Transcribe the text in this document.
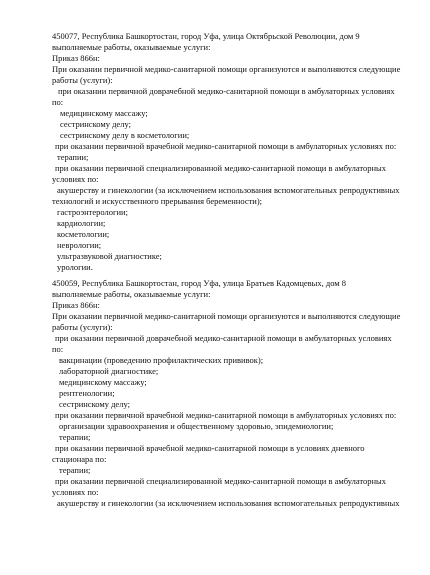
450077, Республика Башкортостан, город Уфа, улица Октябрьской Революции, дом 9
выполняемые работы, оказываемые услуги:
Приказ 866н:
При оказании первичной медико-санитарной помощи организуются и выполняются следующие
работы (услуги):
при оказании первичной доврачебной медико-санитарной помощи в амбулаторных условиях
по:
медицинскому массажу;
сестринскому делу;
сестринскому делу в косметологии;
при оказании первичной врачебной медико-санитарной помощи в амбулаторных условиях по:
терапии;
при оказании первичной специализированной медико-санитарной помощи в амбулаторных
условиях по:
акушерству и гинекологии (за исключением использования вспомогательных репродуктивных
технологий и искусственного прерывания беременности);
гастроэнтерологии;
кардиологии;
косметологии;
неврологии;
ультразвуковой диагностике;
урологии.
450059, Республика Башкортостан, город Уфа, улица Братьев Кадомцевых, дом 8
выполняемые работы, оказываемые услуги:
Приказ 866н:
При оказании первичной медико-санитарной помощи организуются и выполняются следующие
работы (услуги):
при оказании первичной доврачебной медико-санитарной помощи в амбулаторных условиях
по:
вакцинации (проведению профилактических прививок);
лабораторной диагностике;
медицинскому массажу;
рентгенологии;
сестринскому делу;
при оказании первичной врачебной медико-санитарной помощи в амбулаторных условиях по:
организации здравоохранения и общественному здоровью, эпидемиологии;
терапии;
при оказании первичной врачебной медико-санитарной помощи в условиях дневного
стационара по:
терапии;
при оказании первичной специализированной медико-санитарной помощи в амбулаторных
условиях по:
акушерству и гинекологии (за исключением использования вспомогательных репродуктивных
